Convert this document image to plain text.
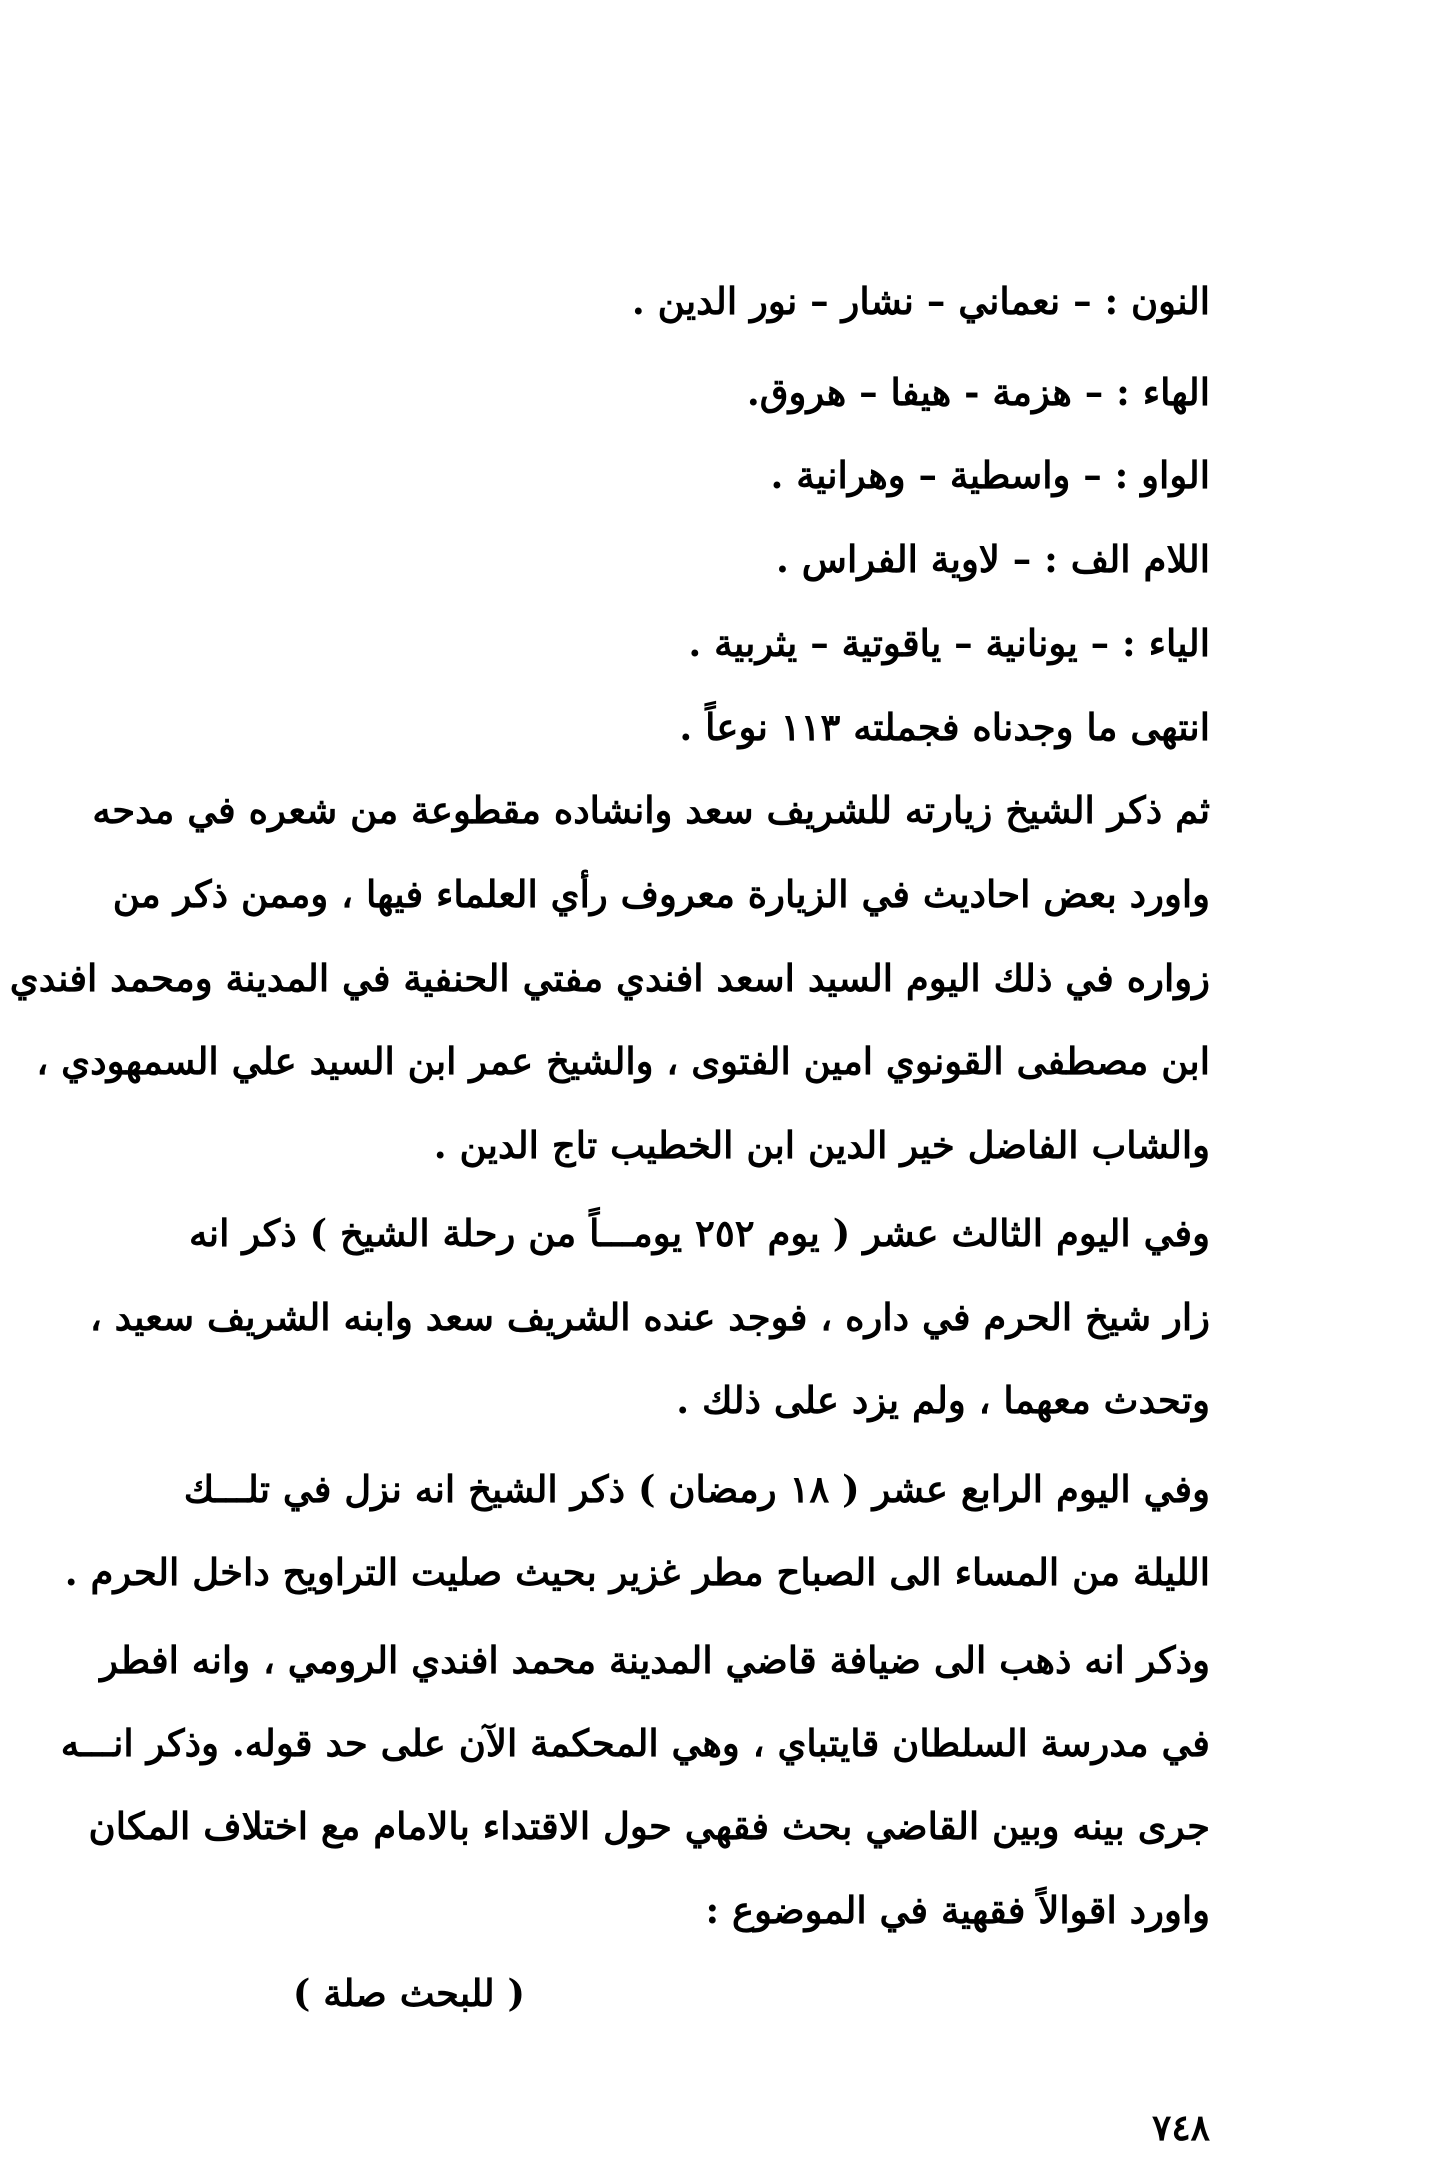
النون : – نعماني – نشار – نور الدين .
الهاء : – هزمة - هيفا – هروق.
الواو : – واسطية – وهرانية .
اللام الف : – لاوية الفراس .
الياء : – يونانية – ياقوتية – يثربية .
انتهى ما وجدناه فجملته ١١٣ نوعاً .
ثم ذكر الشيخ زيارته للشريف سعد وانشاده مقطوعة من شعره في مدحه
واورد بعض احاديث في الزيارة معروف رأي العلماء فيها ، وممن ذكر من
زواره في ذلك اليوم السيد اسعد افندي مفتي الحنفية في المدينة ومحمد افندي
ابن مصطفى القونوي امين الفتوى ، والشيخ عمر ابن السيد علي السمهودي ،
والشاب الفاضل خير الدين ابن الخطيب تاج الدين .
وفي اليوم الثالث عشر ( يوم ٢٥٢ يومـــاً من رحلة الشيخ ) ذكر انه
زار شيخ الحرم في داره ، فوجد عنده الشريف سعد وابنه الشريف سعيد ،
وتحدث معهما ، ولم يزد على ذلك .
وفي اليوم الرابع عشر ( ١٨ رمضان ) ذكر الشيخ انه نزل في تلـــك
الليلة من المساء الى الصباح مطر غزير بحيث صليت التراويح داخل الحرم .
وذكر انه ذهب الى ضيافة قاضي المدينة محمد افندي الرومي ، وانه افطر
في مدرسة السلطان قايتباي ، وهي المحكمة الآن على حد قوله. وذكر انـــه
جرى بينه وبين القاضي بحث فقهي حول الاقتداء بالامام مع اختلاف المكان
واورد اقوالاً فقهية في الموضوع :
( للبحث صلة )
٧٤٨
